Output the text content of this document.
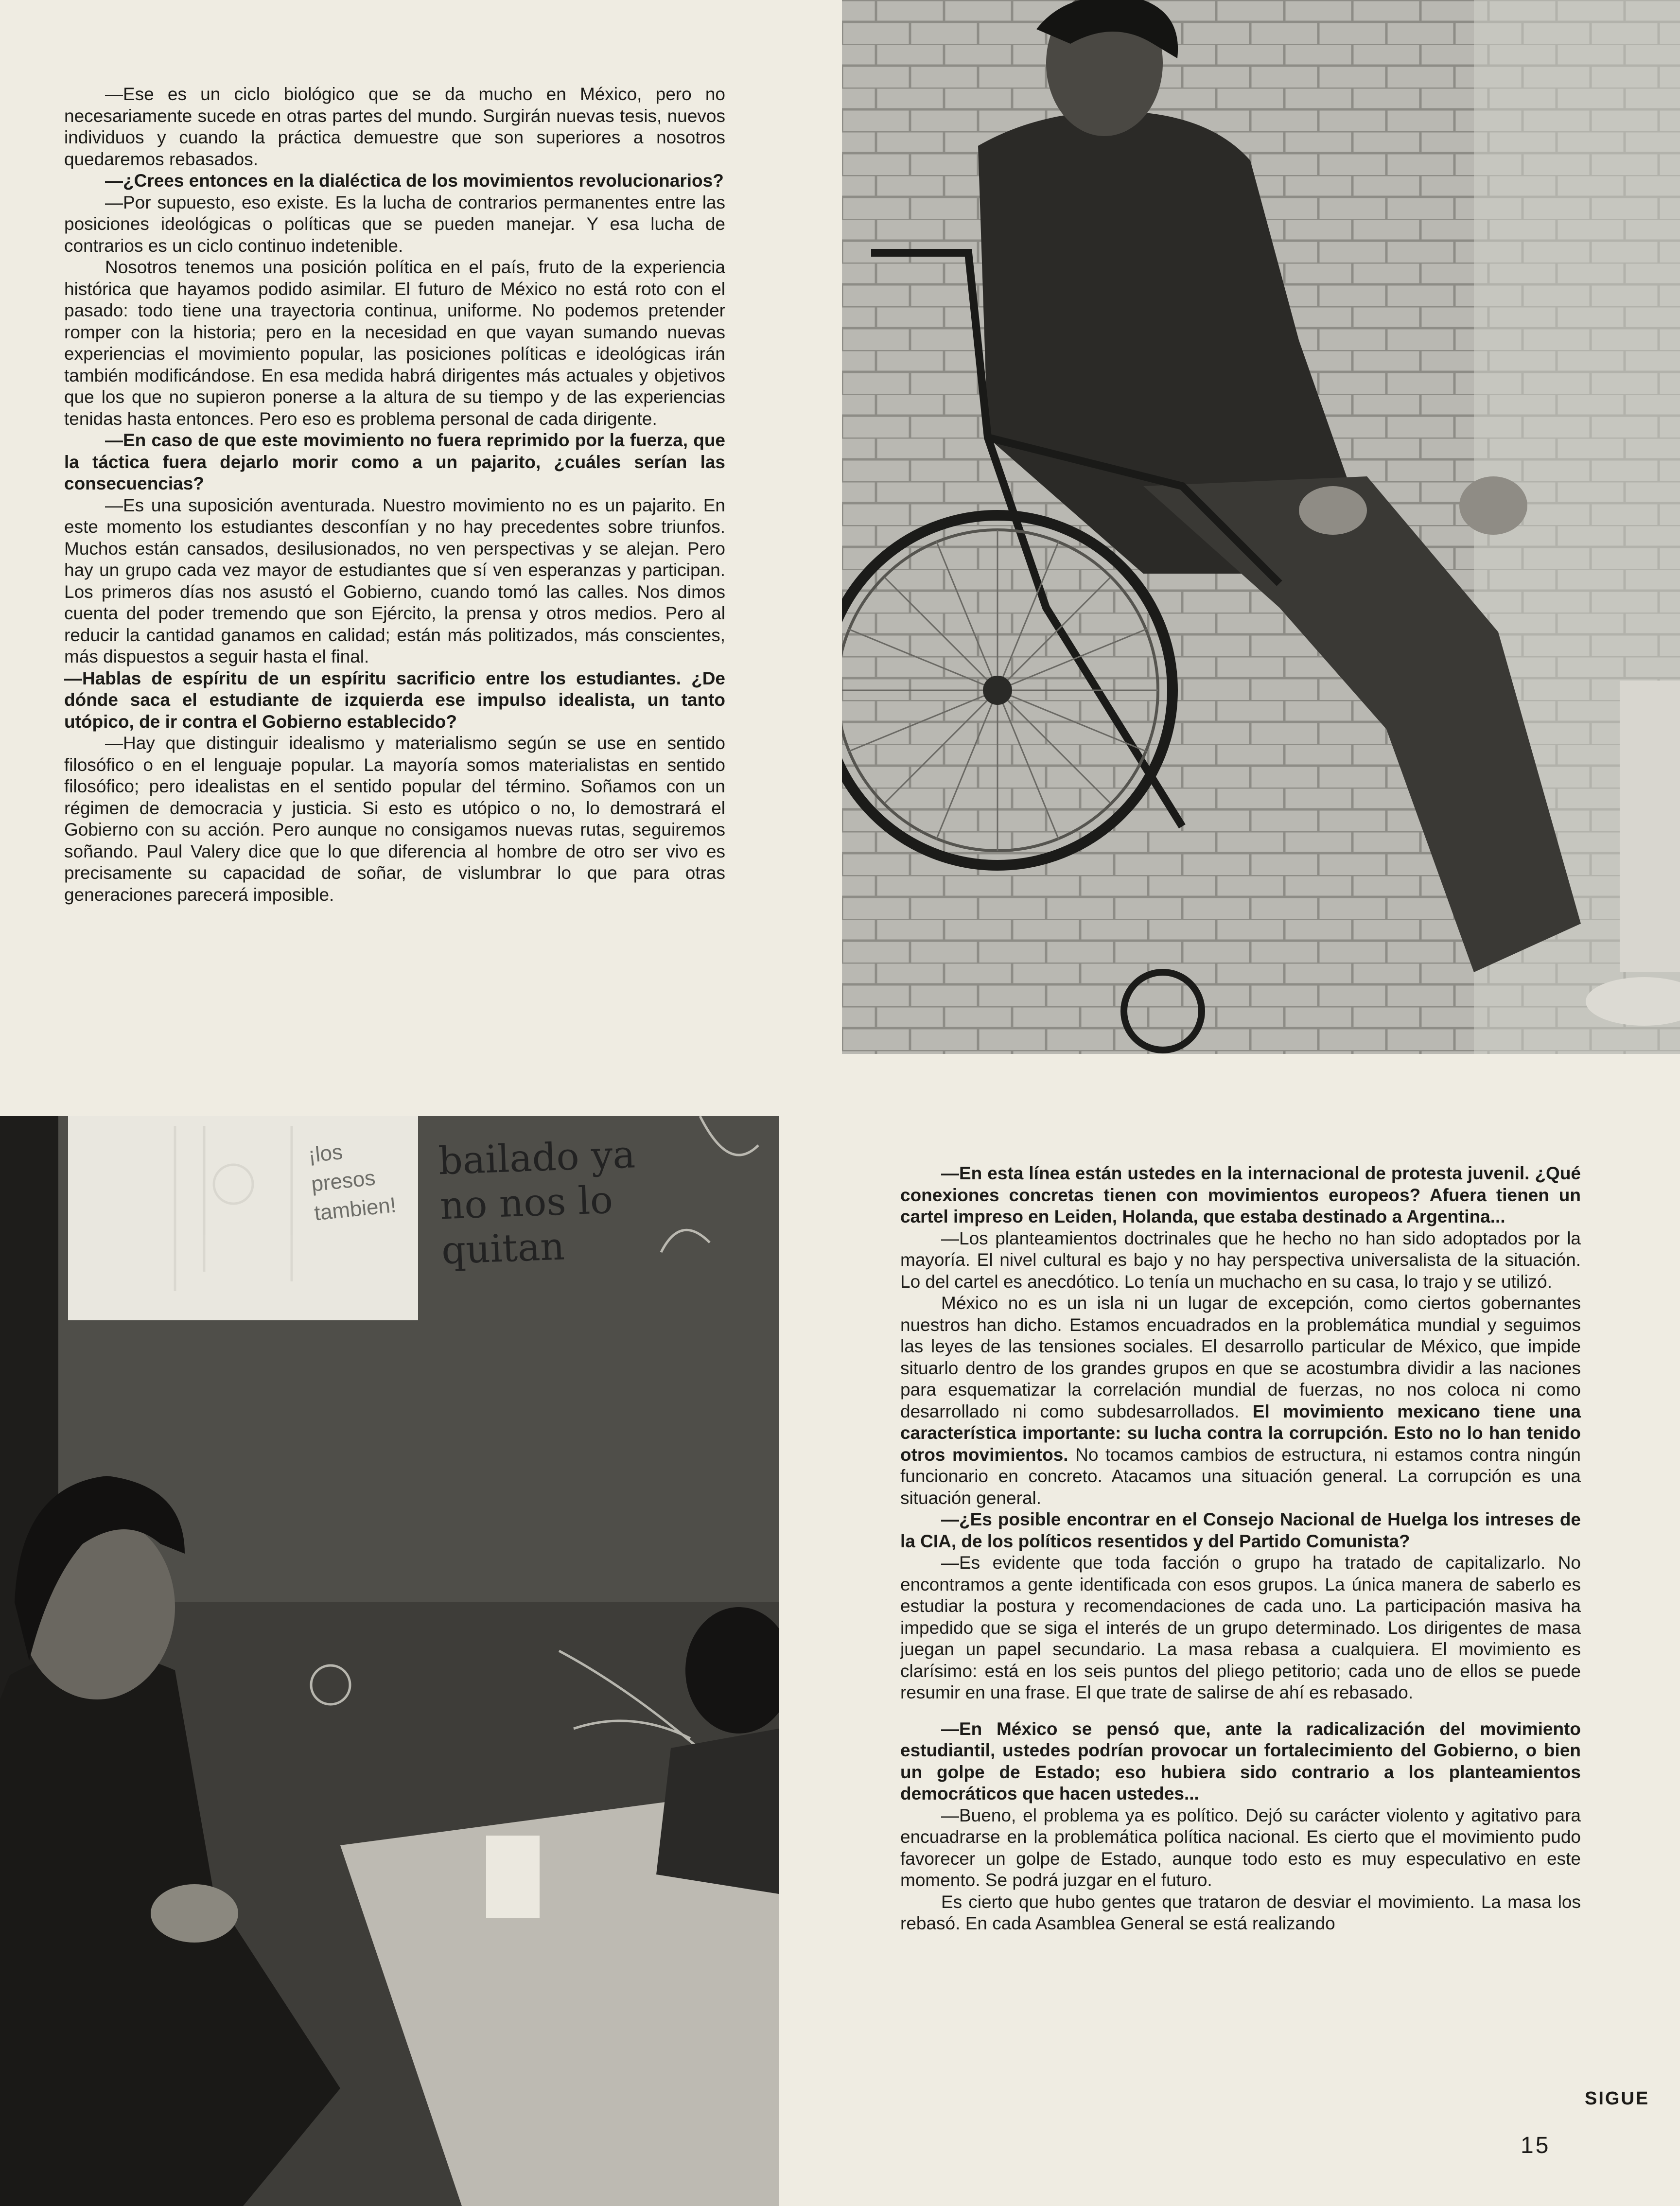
—Ese es un ciclo biológico que se da mucho en México, pero no necesariamente sucede en otras partes del mundo. Surgirán nuevas tesis, nuevos individuos y cuando la práctica demuestre que son superiores a nosotros quedaremos rebasados.

—¿Crees entonces en la dialéctica de los movimientos revolucionarios?

—Por supuesto, eso existe. Es la lucha de contrarios permanentes entre las posiciones ideológicas o políticas que se pueden manejar. Y esa lucha de contrarios es un ciclo continuo indetenible.

Nosotros tenemos una posición política en el país, fruto de la experiencia histórica que hayamos podido asimilar. El futuro de México no está roto con el pasado: todo tiene una trayectoria continua, uniforme. No podemos pretender romper con la historia; pero en la necesidad en que vayan sumando nuevas experiencias el movimiento popular, las posiciones políticas e ideológicas irán también modificándose. En esa medida habrá dirigentes más actuales y objetivos que los que no supieron ponerse a la altura de su tiempo y de las experiencias tenidas hasta entonces. Pero eso es problema personal de cada dirigente.

—En caso de que este movimiento no fuera reprimido por la fuerza, que la táctica fuera dejarlo morir como a un pajarito, ¿cuáles serían las consecuencias?

—Es una suposición aventurada. Nuestro movimiento no es un pajarito. En este momento los estudiantes desconfían y no hay precedentes sobre triunfos. Muchos están cansados, desilusionados, no ven perspectivas y se alejan. Pero hay un grupo cada vez mayor de estudiantes que sí ven esperanzas y participan. Los primeros días nos asustó el Gobierno, cuando tomó las calles. Nos dimos cuenta del poder tremendo que son Ejército, la prensa y otros medios. Pero al reducir la cantidad ganamos en calidad; están más politizados, más conscientes, más dispuestos a seguir hasta el final.

—Hablas de espíritu de un espíritu sacrificio entre los estudiantes. ¿De dónde saca el estudiante de izquierda ese impulso idealista, un tanto utópico, de ir contra el Gobierno establecido?

—Hay que distinguir idealismo y materialismo según se use en sentido filosófico o en el lenguaje popular. La mayoría somos materialistas en sentido filosófico; pero idealistas en el sentido popular del término. Soñamos con un régimen de democracia y justicia. Si esto es utópico o no, lo demostrará el Gobierno con su acción. Pero aunque no consigamos nuevas rutas, seguiremos soñando. Paul Valery dice que lo que diferencia al hombre de otro ser vivo es precisamente su capacidad de soñar, de vislumbrar lo que para otras generaciones parecerá imposible.

bailado ya no nos lo quitan
¡los presos tambien!

—En esta línea están ustedes en la internacional de protesta juvenil. ¿Qué conexiones concretas tienen con movimientos europeos? Afuera tienen un cartel impreso en Leiden, Holanda, que estaba destinado a Argentina...

—Los planteamientos doctrinales que he hecho no han sido adoptados por la mayoría. El nivel cultural es bajo y no hay perspectiva universalista de la situación. Lo del cartel es anecdótico. Lo tenía un muchacho en su casa, lo trajo y se utilizó.

México no es un isla ni un lugar de excepción, como ciertos gobernantes nuestros han dicho. Estamos encuadrados en la problemática mundial y seguimos las leyes de las tensiones sociales. El desarrollo particular de México, que impide situarlo dentro de los grandes grupos en que se acostumbra dividir a las naciones para esquematizar la correlación mundial de fuerzas, no nos coloca ni como desarrollado ni como subdesarrollados. El movimiento mexicano tiene una característica importante: su lucha contra la corrupción. Esto no lo han tenido otros movimientos. No tocamos cambios de estructura, ni estamos contra ningún funcionario en concreto. Atacamos una situación general. La corrupción es una situación general.

—¿Es posible encontrar en el Consejo Nacional de Huelga los intreses de la CIA, de los políticos resentidos y del Partido Comunista?

—Es evidente que toda facción o grupo ha tratado de capitalizarlo. No encontramos a gente identificada con esos grupos. La única manera de saberlo es estudiar la postura y recomendaciones de cada uno. La participación masiva ha impedido que se siga el interés de un grupo determinado. Los dirigentes de masa juegan un papel secundario. La masa rebasa a cualquiera. El movimiento es clarísimo: está en los seis puntos del pliego petitorio; cada uno de ellos se puede resumir en una frase. El que trate de salirse de ahí es rebasado.

—En México se pensó que, ante la radicalización del movimiento estudiantil, ustedes podrían provocar un fortalecimiento del Gobierno, o bien un golpe de Estado; eso hubiera sido contrario a los planteamientos democráticos que hacen ustedes...

—Bueno, el problema ya es político. Dejó su carácter violento y agitativo para encuadrarse en la problemática política nacional. Es cierto que el movimiento pudo favorecer un golpe de Estado, aunque todo esto es muy especulativo en este momento. Se podrá juzgar en el futuro.

Es cierto que hubo gentes que trataron de desviar el movimiento. La masa los rebasó. En cada Asamblea General se está realizando

SIGUE
15
